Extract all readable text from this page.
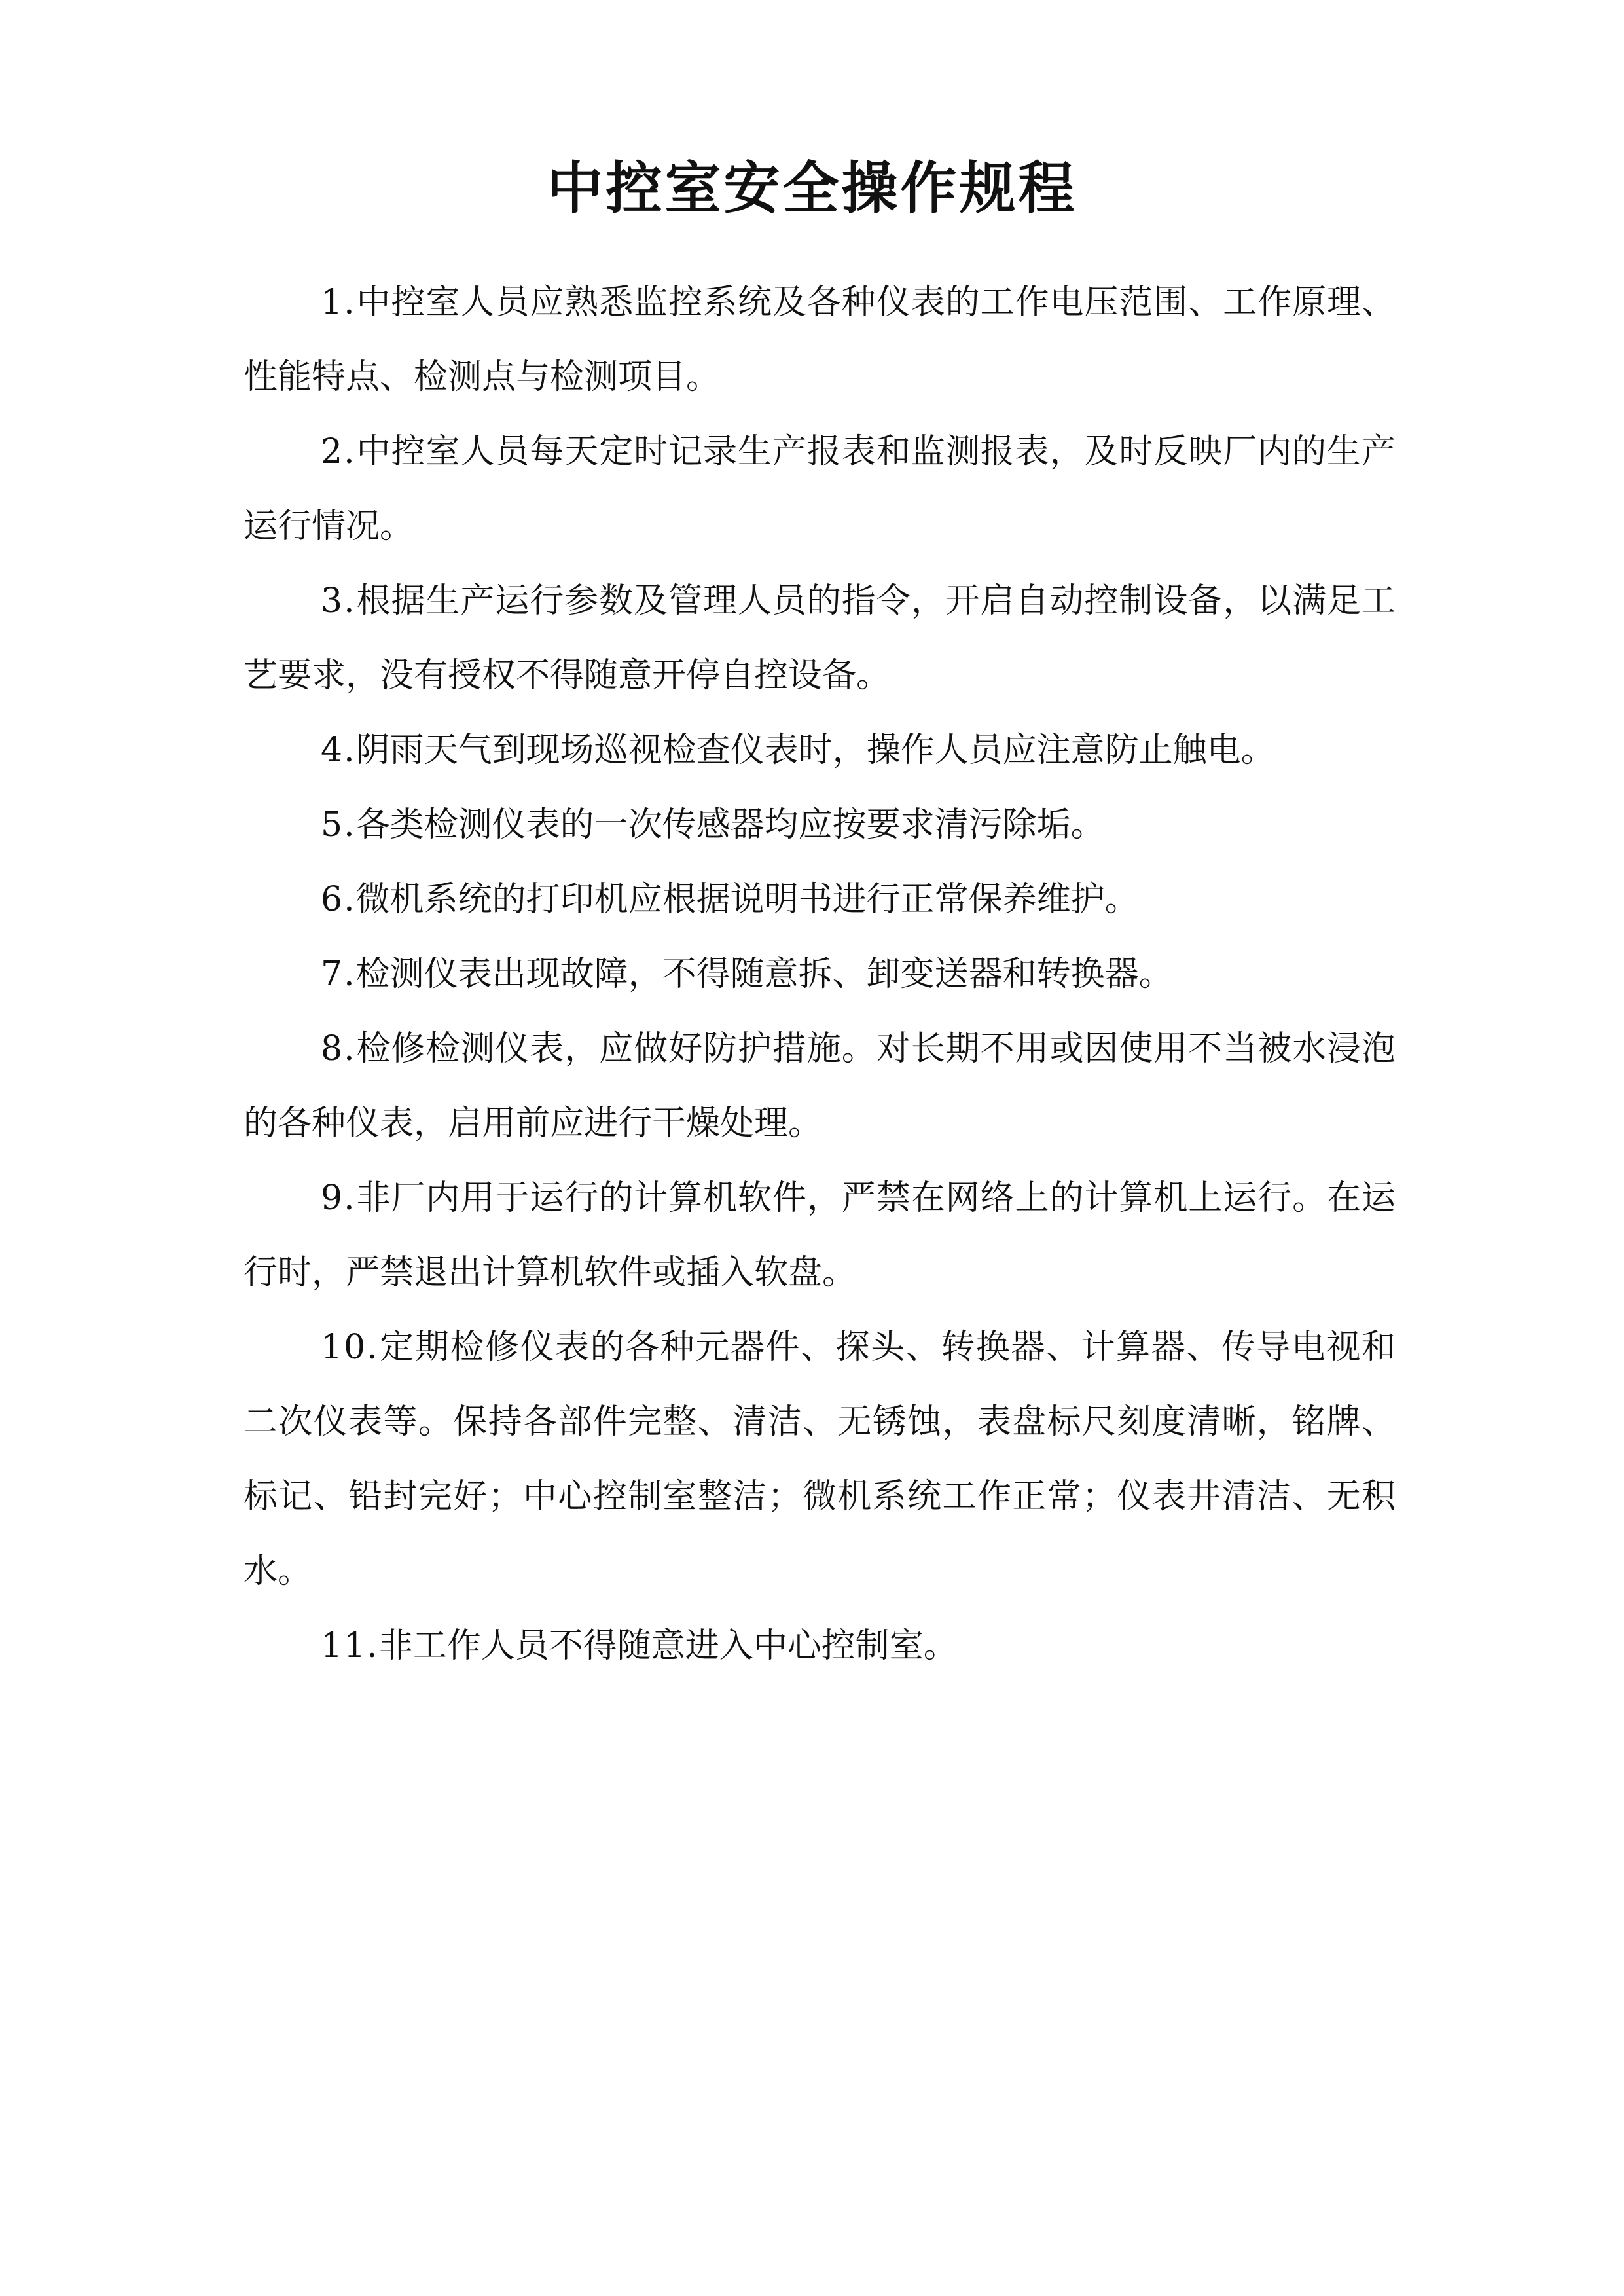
中控室安全操作规程

1.中控室人员应熟悉监控系统及各种仪表的工作电压范围、工作原理、性能特点、检测点与检测项目。

2.中控室人员每天定时记录生产报表和监测报表，及时反映厂内的生产运行情况。

3.根据生产运行参数及管理人员的指令，开启自动控制设备，以满足工艺要求，没有授权不得随意开停自控设备。

4.阴雨天气到现场巡视检查仪表时，操作人员应注意防止触电。

5.各类检测仪表的一次传感器均应按要求清污除垢。

6.微机系统的打印机应根据说明书进行正常保养维护。

7.检测仪表出现故障，不得随意拆、卸变送器和转换器。

8.检修检测仪表，应做好防护措施。对长期不用或因使用不当被水浸泡的各种仪表，启用前应进行干燥处理。

9.非厂内用于运行的计算机软件，严禁在网络上的计算机上运行。在运行时，严禁退出计算机软件或插入软盘。

10.定期检修仪表的各种元器件、探头、转换器、计算器、传导电视和二次仪表等。保持各部件完整、清洁、无锈蚀，表盘标尺刻度清晰，铭牌、标记、铅封完好；中心控制室整洁；微机系统工作正常；仪表井清洁、无积水。

11.非工作人员不得随意进入中心控制室。
